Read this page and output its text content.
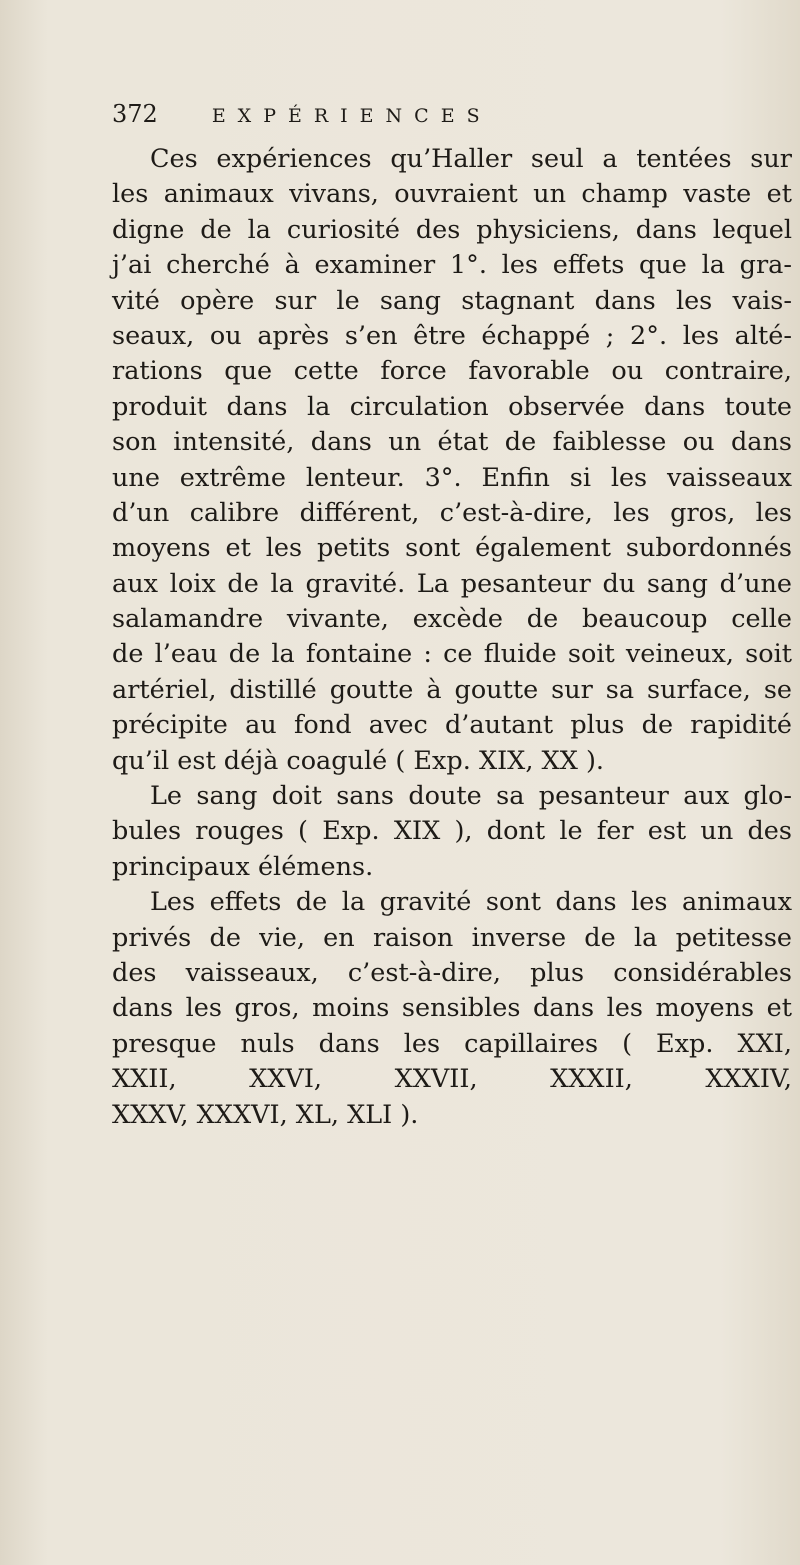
372	EXPÉRIENCES
Ces expériences qu’Haller seul a tentées sur
les animaux vivans, ouvraient un champ vaste et
digne de la curiosité des physiciens, dans lequel
j’ai cherché à examiner 1°. les effets que la gra-
vité opère sur le sang stagnant dans les vais-
seaux, ou après s’en être échappé ; 2°. les alté-
rations que cette force favorable ou contraire,
produit dans la circulation observée dans toute
son intensité, dans un état de faiblesse ou dans
une extrême lenteur. 3°. Enfin si les vaisseaux
d’un calibre différent, c’est-à-dire, les gros, les
moyens et les petits sont également subordonnés
aux loix de la gravité. La pesanteur du sang d’une
salamandre vivante, excède de beaucoup celle
de l’eau de la fontaine : ce fluide soit veineux, soit
artériel, distillé goutte à goutte sur sa surface, se
précipite au fond avec d’autant plus de rapidité
qu’il est déjà coagulé ( Exp. XIX, XX ).
Le sang doit sans doute sa pesanteur aux glo-
bules rouges ( Exp. XIX ), dont le fer est un des
principaux élémens.
Les effets de la gravité sont dans les animaux
privés de vie, en raison inverse de la petitesse
des vaisseaux, c’est-à-dire, plus considérables
dans les gros, moins sensibles dans les moyens et
presque nuls dans les capillaires ( Exp. XXI,
XXII, XXVI, XXVII, XXXII, XXXIV,
XXXV, XXXVI, XL, XLI ).
